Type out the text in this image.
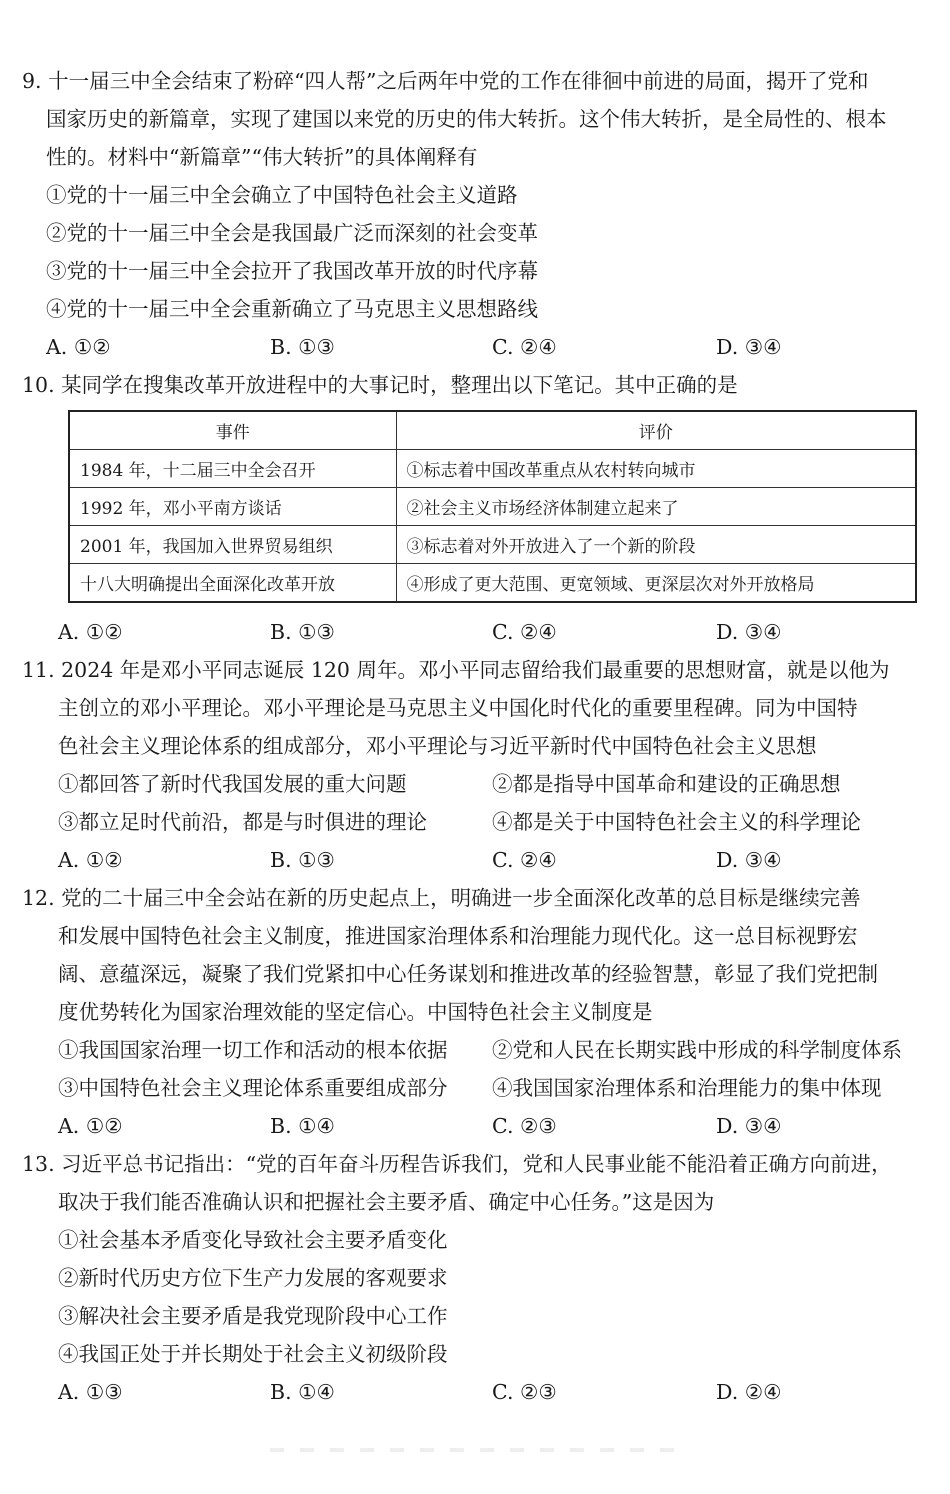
9. 十一届三中全会结束了粉碎“四人帮”之后两年中党的工作在徘徊中前进的局面，揭开了党和
国家历史的新篇章，实现了建国以来党的历史的伟大转折。这个伟大转折，是全局性的、根本
性的。材料中“新篇章”“伟大转折”的具体阐释有
①党的十一届三中全会确立了中国特色社会主义道路
②党的十一届三中全会是我国最广泛而深刻的社会变革
③党的十一届三中全会拉开了我国改革开放的时代序幕
④党的十一届三中全会重新确立了马克思主义思想路线
A. ①②	B. ①③	C. ②④	D. ③④
10. 某同学在搜集改革开放进程中的大事记时，整理出以下笔记。其中正确的是
事件	评价
1984 年，十二届三中全会召开	①标志着中国改革重点从农村转向城市
1992 年，邓小平南方谈话	②社会主义市场经济体制建立起来了
2001 年，我国加入世界贸易组织	③标志着对外开放进入了一个新的阶段
十八大明确提出全面深化改革开放	④形成了更大范围、更宽领域、更深层次对外开放格局
A. ①②	B. ①③	C. ②④	D. ③④
11. 2024 年是邓小平同志诞辰 120 周年。邓小平同志留给我们最重要的思想财富，就是以他为
主创立的邓小平理论。邓小平理论是马克思主义中国化时代化的重要里程碑。同为中国特
色社会主义理论体系的组成部分，邓小平理论与习近平新时代中国特色社会主义思想
①都回答了新时代我国发展的重大问题	②都是指导中国革命和建设的正确思想
③都立足时代前沿，都是与时俱进的理论	④都是关于中国特色社会主义的科学理论
A. ①②	B. ①③	C. ②④	D. ③④
12. 党的二十届三中全会站在新的历史起点上，明确进一步全面深化改革的总目标是继续完善
和发展中国特色社会主义制度，推进国家治理体系和治理能力现代化。这一总目标视野宏
阔、意蕴深远，凝聚了我们党紧扣中心任务谋划和推进改革的经验智慧，彰显了我们党把制
度优势转化为国家治理效能的坚定信心。中国特色社会主义制度是
①我国国家治理一切工作和活动的根本依据 ②党和人民在长期实践中形成的科学制度体系
③中国特色社会主义理论体系重要组成部分 ④我国国家治理体系和治理能力的集中体现
A. ①②	B. ①④	C. ②③	D. ③④
13. 习近平总书记指出：“党的百年奋斗历程告诉我们，党和人民事业能不能沿着正确方向前进，
取决于我们能否准确认识和把握社会主要矛盾、确定中心任务。”这是因为
①社会基本矛盾变化导致社会主要矛盾变化
②新时代历史方位下生产力发展的客观要求
③解决社会主要矛盾是我党现阶段中心工作
④我国正处于并长期处于社会主义初级阶段
A. ①③	B. ①④	C. ②③	D. ②④
